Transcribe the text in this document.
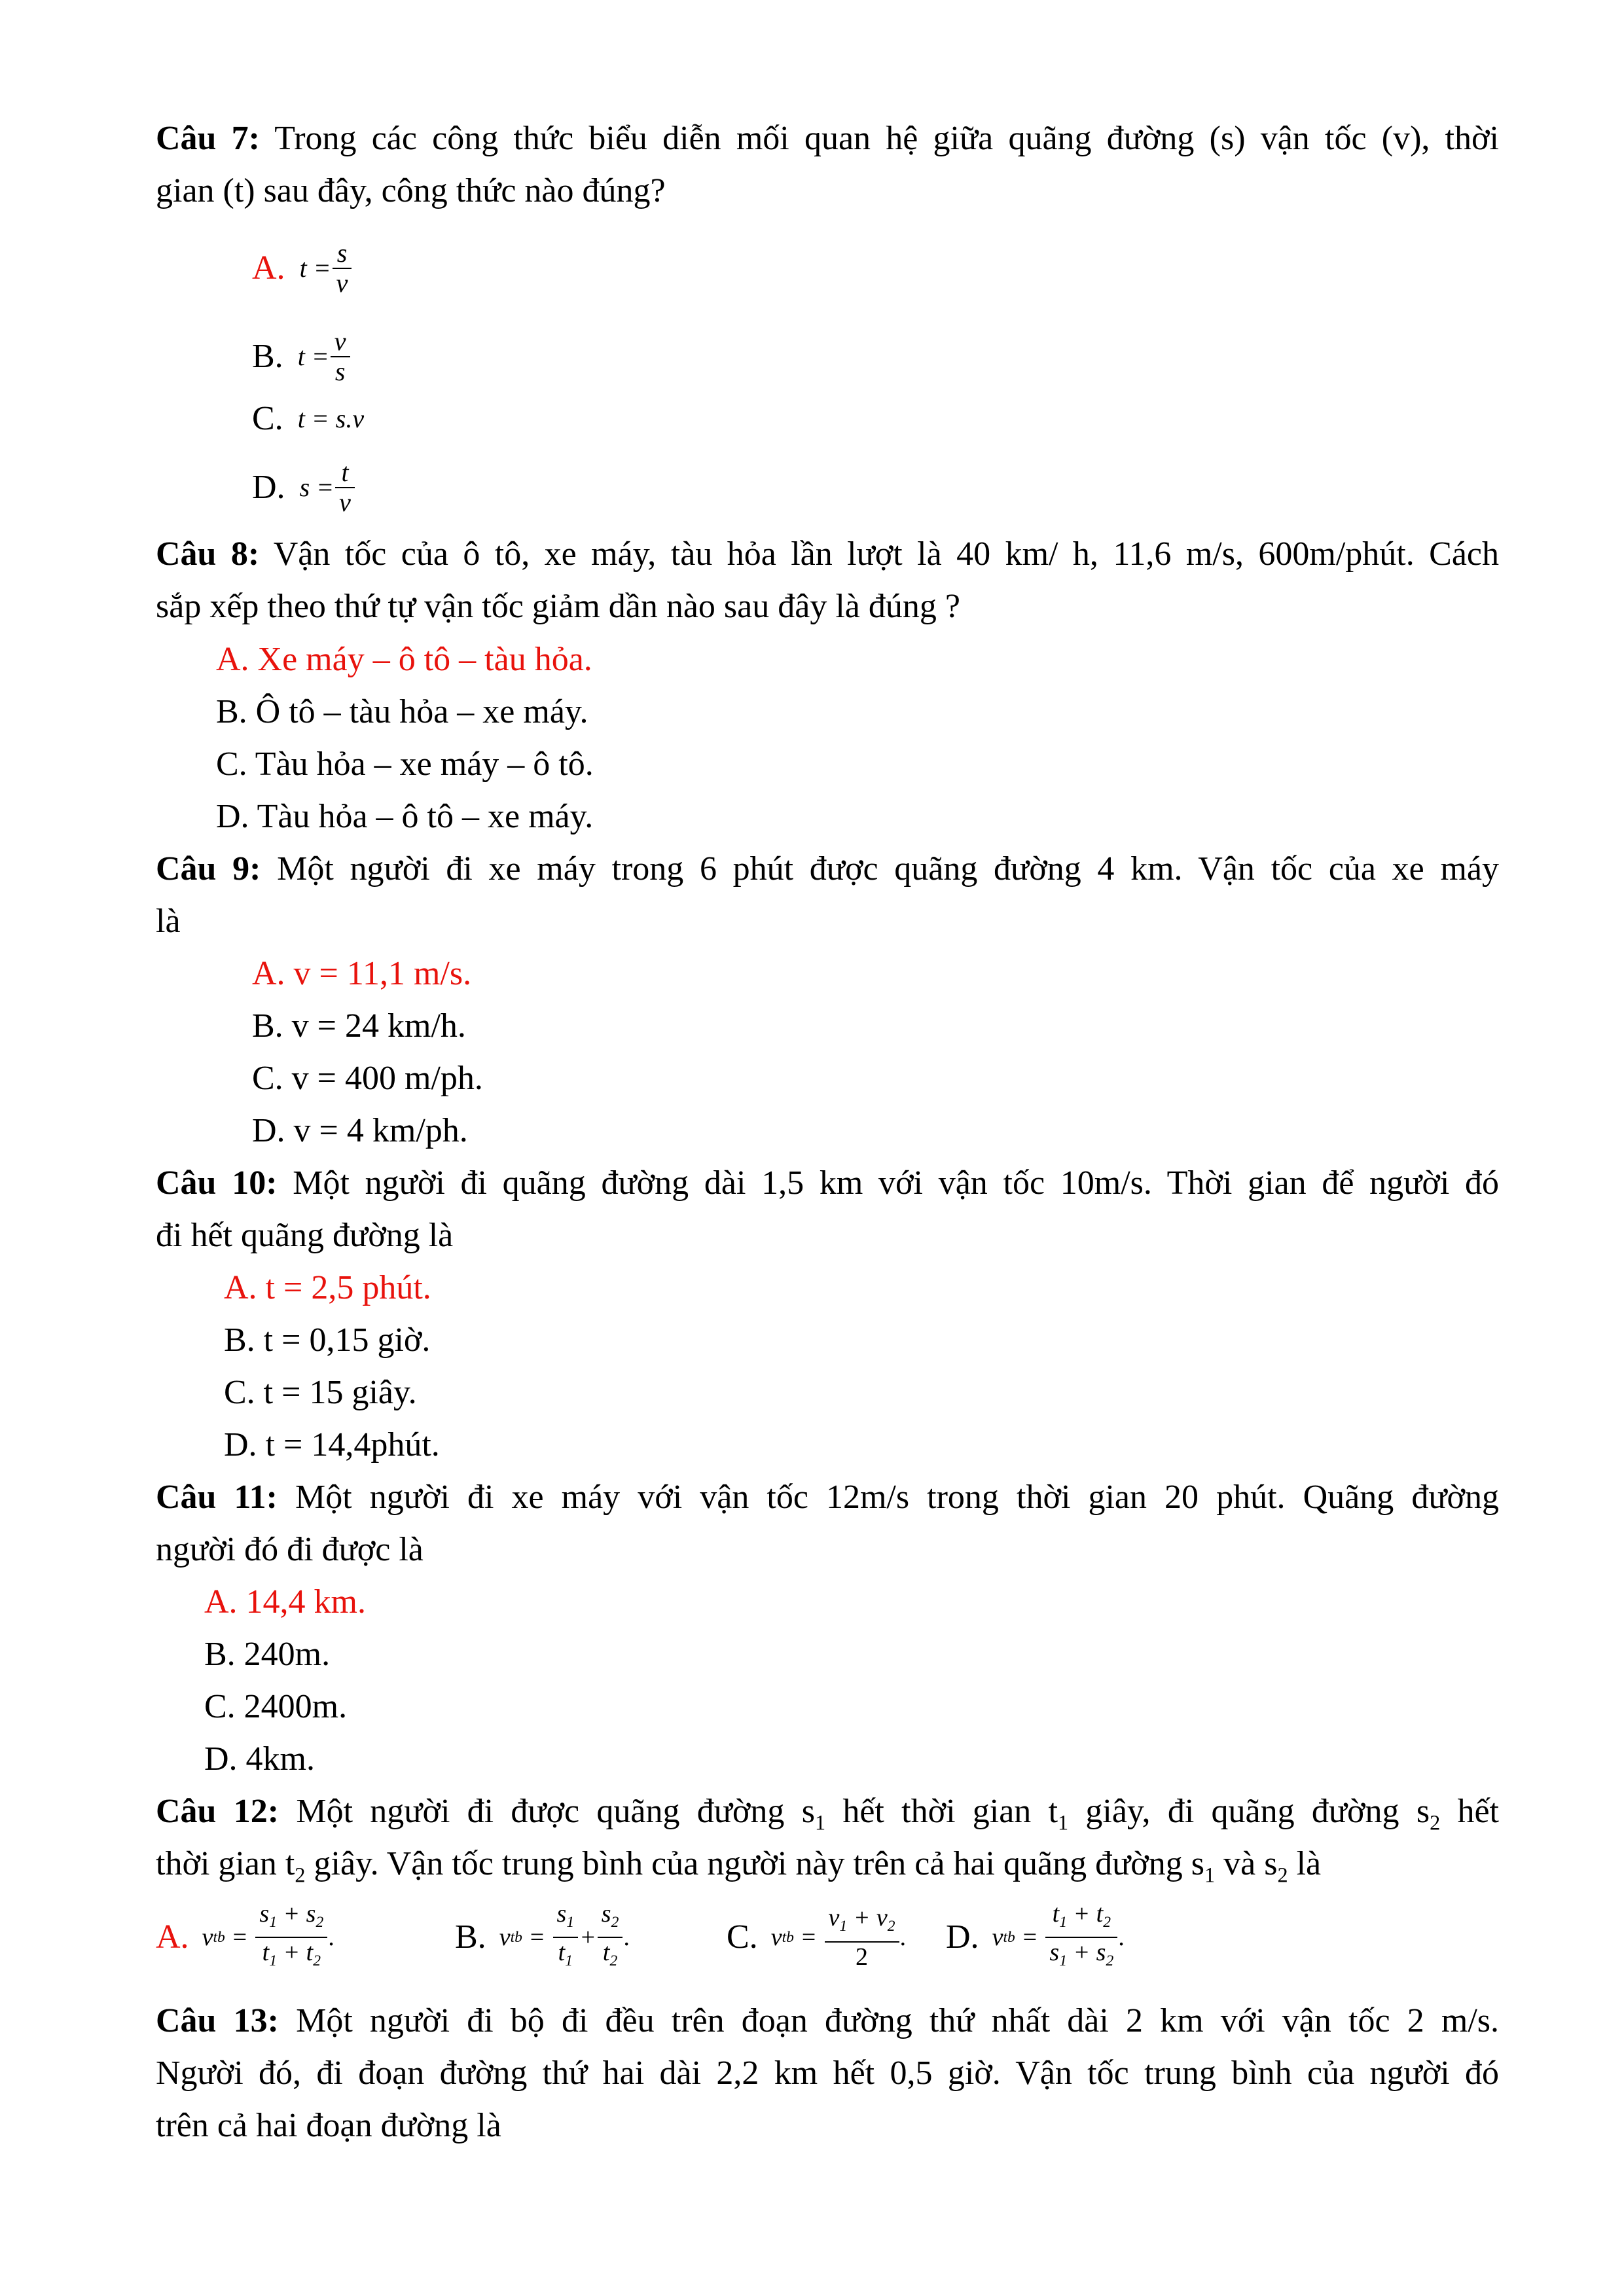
Câu 7: Trong các công thức biểu diễn mối quan hệ giữa quãng đường (s) vận tốc (v), thời
gian (t) sau đây, công thức nào đúng?
A. $t = \frac{s}{v}$
B. $t = \frac{v}{s}$
C. t = s.v
D. $s = \frac{t}{v}$
Câu 8: Vận tốc của ô tô, xe máy, tàu hỏa lần lượt là 40 km/ h, 11,6 m/s, 600m/phút. Cách
sắp xếp theo thứ tự vận tốc giảm dần nào sau đây là đúng ?
A. Xe máy – ô tô – tàu hỏa.
B. Ô tô – tàu hỏa – xe máy.
C. Tàu hỏa – xe máy – ô tô.
D. Tàu hỏa – ô tô – xe máy.
Câu 9: Một người đi xe máy trong 6 phút được quãng đường 4 km. Vận tốc của xe máy
là
A. v = 11,1 m/s.
B. v = 24 km/h.
C. v = 400 m/ph.
D. v = 4 km/ph.
Câu 10: Một người đi quãng đường dài 1,5 km với vận tốc 10m/s. Thời gian để người đó
đi hết quãng đường là
A. t = 2,5 phút.
B. t = 0,15 giờ.
C. t = 15 giây.
D. t = 14,4phút.
Câu 11: Một người đi xe máy với vận tốc 12m/s trong thời gian 20 phút. Quãng đường
người đó đi được là
A. 14,4 km.
B. 240m.
C. 2400m.
D. 4km.
Câu 12: Một người đi được quãng đường $s_1$ hết thời gian $t_1$ giây, đi quãng đường $s_2$ hết
thời gian $t_2$ giây. Vận tốc trung bình của người này trên cả hai quãng đường $s_1$ và $s_2$ là
A. v tb = $\frac{s_1 + s_2}{t_1 + t_2}$ .	B. v tb = $\frac{s_1}{t_1} + \frac{s_2}{t_2}$ .	C. v tb = $\frac{v_1 + v_2}{2}$ . D. v tb = $\frac{t_1 + t_2}{s_1 + s_2}$ .
Câu 13: Một người đi bộ đi đều trên đoạn đường thứ nhất dài 2 km với vận tốc 2 m/s.
Người đó, đi đoạn đường thứ hai dài 2,2 km hết 0,5 giờ. Vận tốc trung bình của người đó
trên cả hai đoạn đường là
